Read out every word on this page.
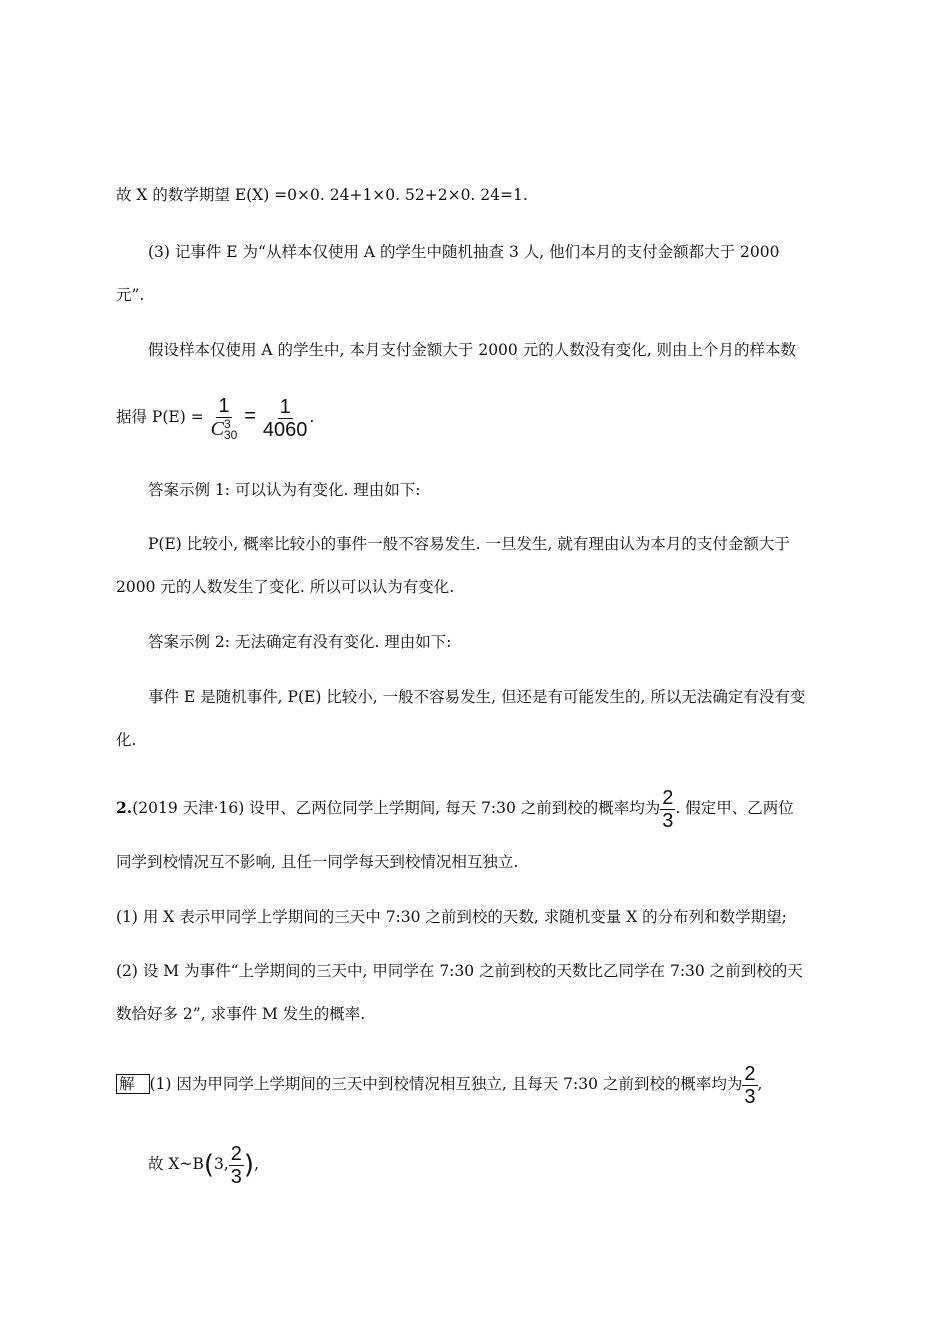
故 X 的数学期望 E(X) =0×0. 24+1×0. 52+2×0. 24=1.
(3) 记事件 E 为“从样本仅使用 A 的学生中随机抽查 3 人, 他们本月的支付金额都大于 2000
元”.
假设样本仅使用 A 的学生中, 本月支付金额大于 2000 元的人数没有变化, 则由上个月的样本数
据得 P(E) = 1
C 3
$30 = \frac{1}{4060}$ .
答案示例 1: 可以认为有变化. 理由如下:
P(E) 比较小, 概率比较小的事件一般不容易发生. 一旦发生, 就有理由认为本月的支付金额大于
2000 元的人数发生了变化. 所以可以认为有变化.
答案示例 2: 无法确定有没有变化. 理由如下:
事件 E 是随机事件, P(E) 比较小, 一般不容易发生, 但还是有可能发生的, 所以无法确定有没有变
化.
2.(2019 天津·16) 设甲、乙两位同学上学期间, 每天 7:30 之前到校的概率均为 $\frac{2}{3}$ . 假定甲、乙两位
同学到校情况互不影响, 且任一同学每天到校情况相互独立.
(1) 用 X 表示甲同学上学期间的三天中 7:30 之前到校的天数, 求随机变量 X 的分布列和数学期望;
(2) 设 M 为事件“上学期间的三天中, 甲同学在 7:30 之前到校的天数比乙同学在 7:30 之前到校的天
数恰好多 2”, 求事件 M 发生的概率.
解 (1) 因为甲同学上学期间的三天中到校情况相互独立, 且每天 7:30 之前到校的概率均为 $\frac{2}{3}$ ,
故 X~B(3, $\frac{2}{3}$ ),
